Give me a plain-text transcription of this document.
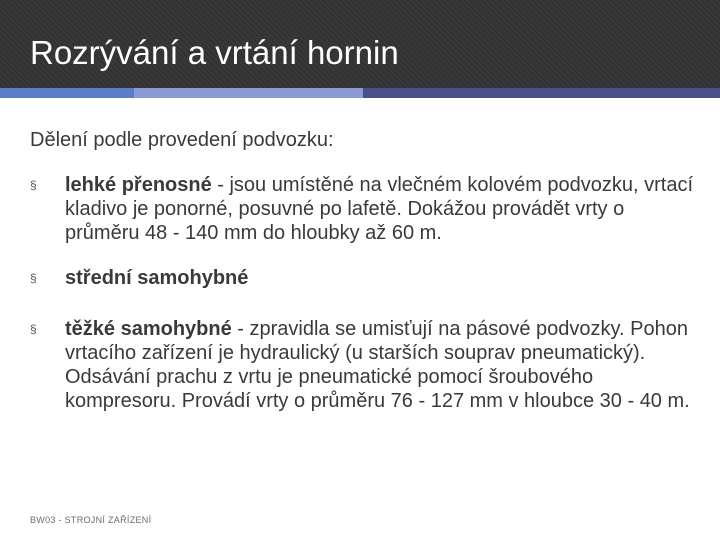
Rozrývání a vrtání hornin
Dělení podle provedení podvozku:
§ lehké přenosné - jsou umístěné na vlečném kolovém podvozku, vrtací kladivo je ponorné, posuvné po lafetě. Dokážou provádět vrty o průměru 48 - 140 mm do hloubky až 60 m.
§ střední samohybné
§ těžké samohybné - zpravidla se umisťují na pásové podvozky. Pohon vrtacího zařízení je hydraulický (u starších souprav pneumatický). Odsávání prachu z vrtu je pneumatické pomocí šroubového kompresoru. Provádí vrty o průměru 76 - 127 mm v hloubce 30 - 40 m.
BW03 - STROJNÍ ZAŘÍZENÍ
